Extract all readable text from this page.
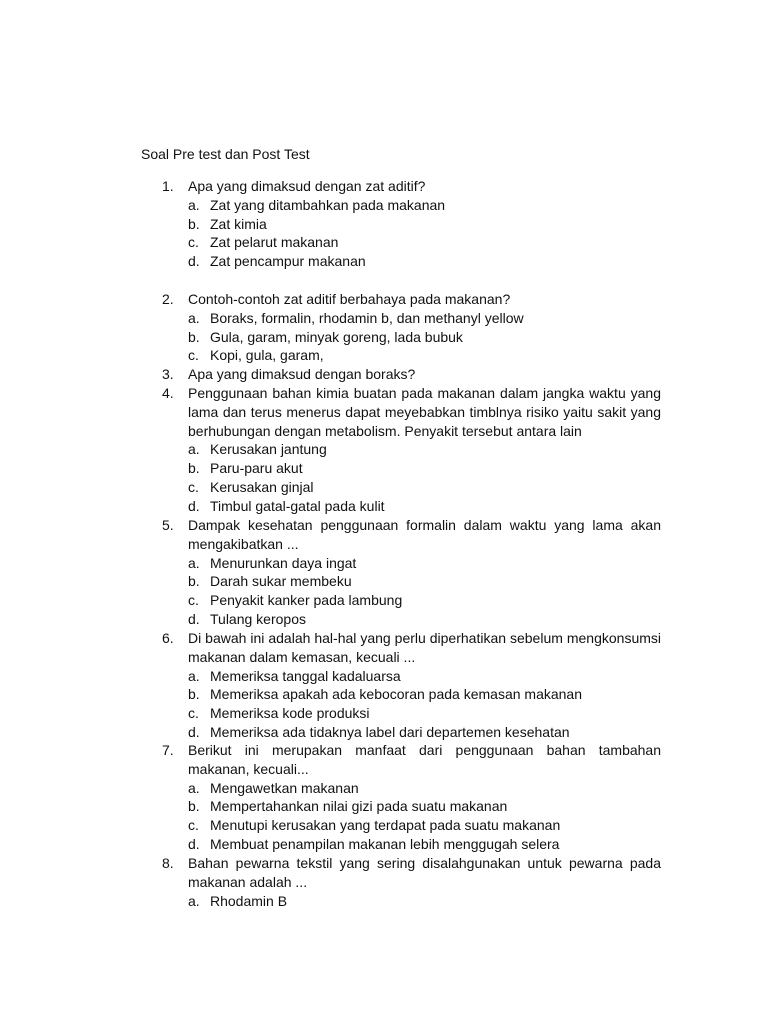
Soal Pre test dan Post Test
1.	Apa yang dimaksud dengan zat aditif?
a. Zat yang ditambahkan pada makanan
b. Zat kimia
c. Zat pelarut makanan
d. Zat pencampur makanan
2.	Contoh-contoh zat aditif berbahaya pada makanan?
a. Boraks, formalin, rhodamin b, dan methanyl yellow
b. Gula, garam, minyak goreng, lada bubuk
c. Kopi, gula, garam,
3.	Apa yang dimaksud dengan boraks?
4.	Penggunaan bahan kimia buatan pada makanan dalam jangka waktu yang lama dan terus menerus dapat meyebabkan timblnya risiko yaitu sakit yang berhubungan dengan metabolism. Penyakit tersebut antara lain
a. Kerusakan jantung
b. Paru-paru akut
c. Kerusakan ginjal
d. Timbul gatal-gatal pada kulit
5.	Dampak kesehatan penggunaan formalin dalam waktu yang lama akan mengakibatkan ...
a. Menurunkan daya ingat
b. Darah sukar membeku
c. Penyakit kanker pada lambung
d. Tulang keropos
6.	Di bawah ini adalah hal-hal yang perlu diperhatikan sebelum mengkonsumsi makanan dalam kemasan, kecuali ...
a. Memeriksa tanggal kadaluarsa
b. Memeriksa apakah ada kebocoran pada kemasan makanan
c. Memeriksa kode produksi
d. Memeriksa ada tidaknya label dari departemen kesehatan
7.	Berikut ini merupakan manfaat dari penggunaan bahan tambahan makanan, kecuali...
a. Mengawetkan makanan
b. Mempertahankan nilai gizi pada suatu makanan
c. Menutupi kerusakan yang terdapat pada suatu makanan
d. Membuat penampilan makanan lebih menggugah selera
8.	Bahan pewarna tekstil yang sering disalahgunakan untuk pewarna pada makanan adalah ...
a. Rhodamin B
